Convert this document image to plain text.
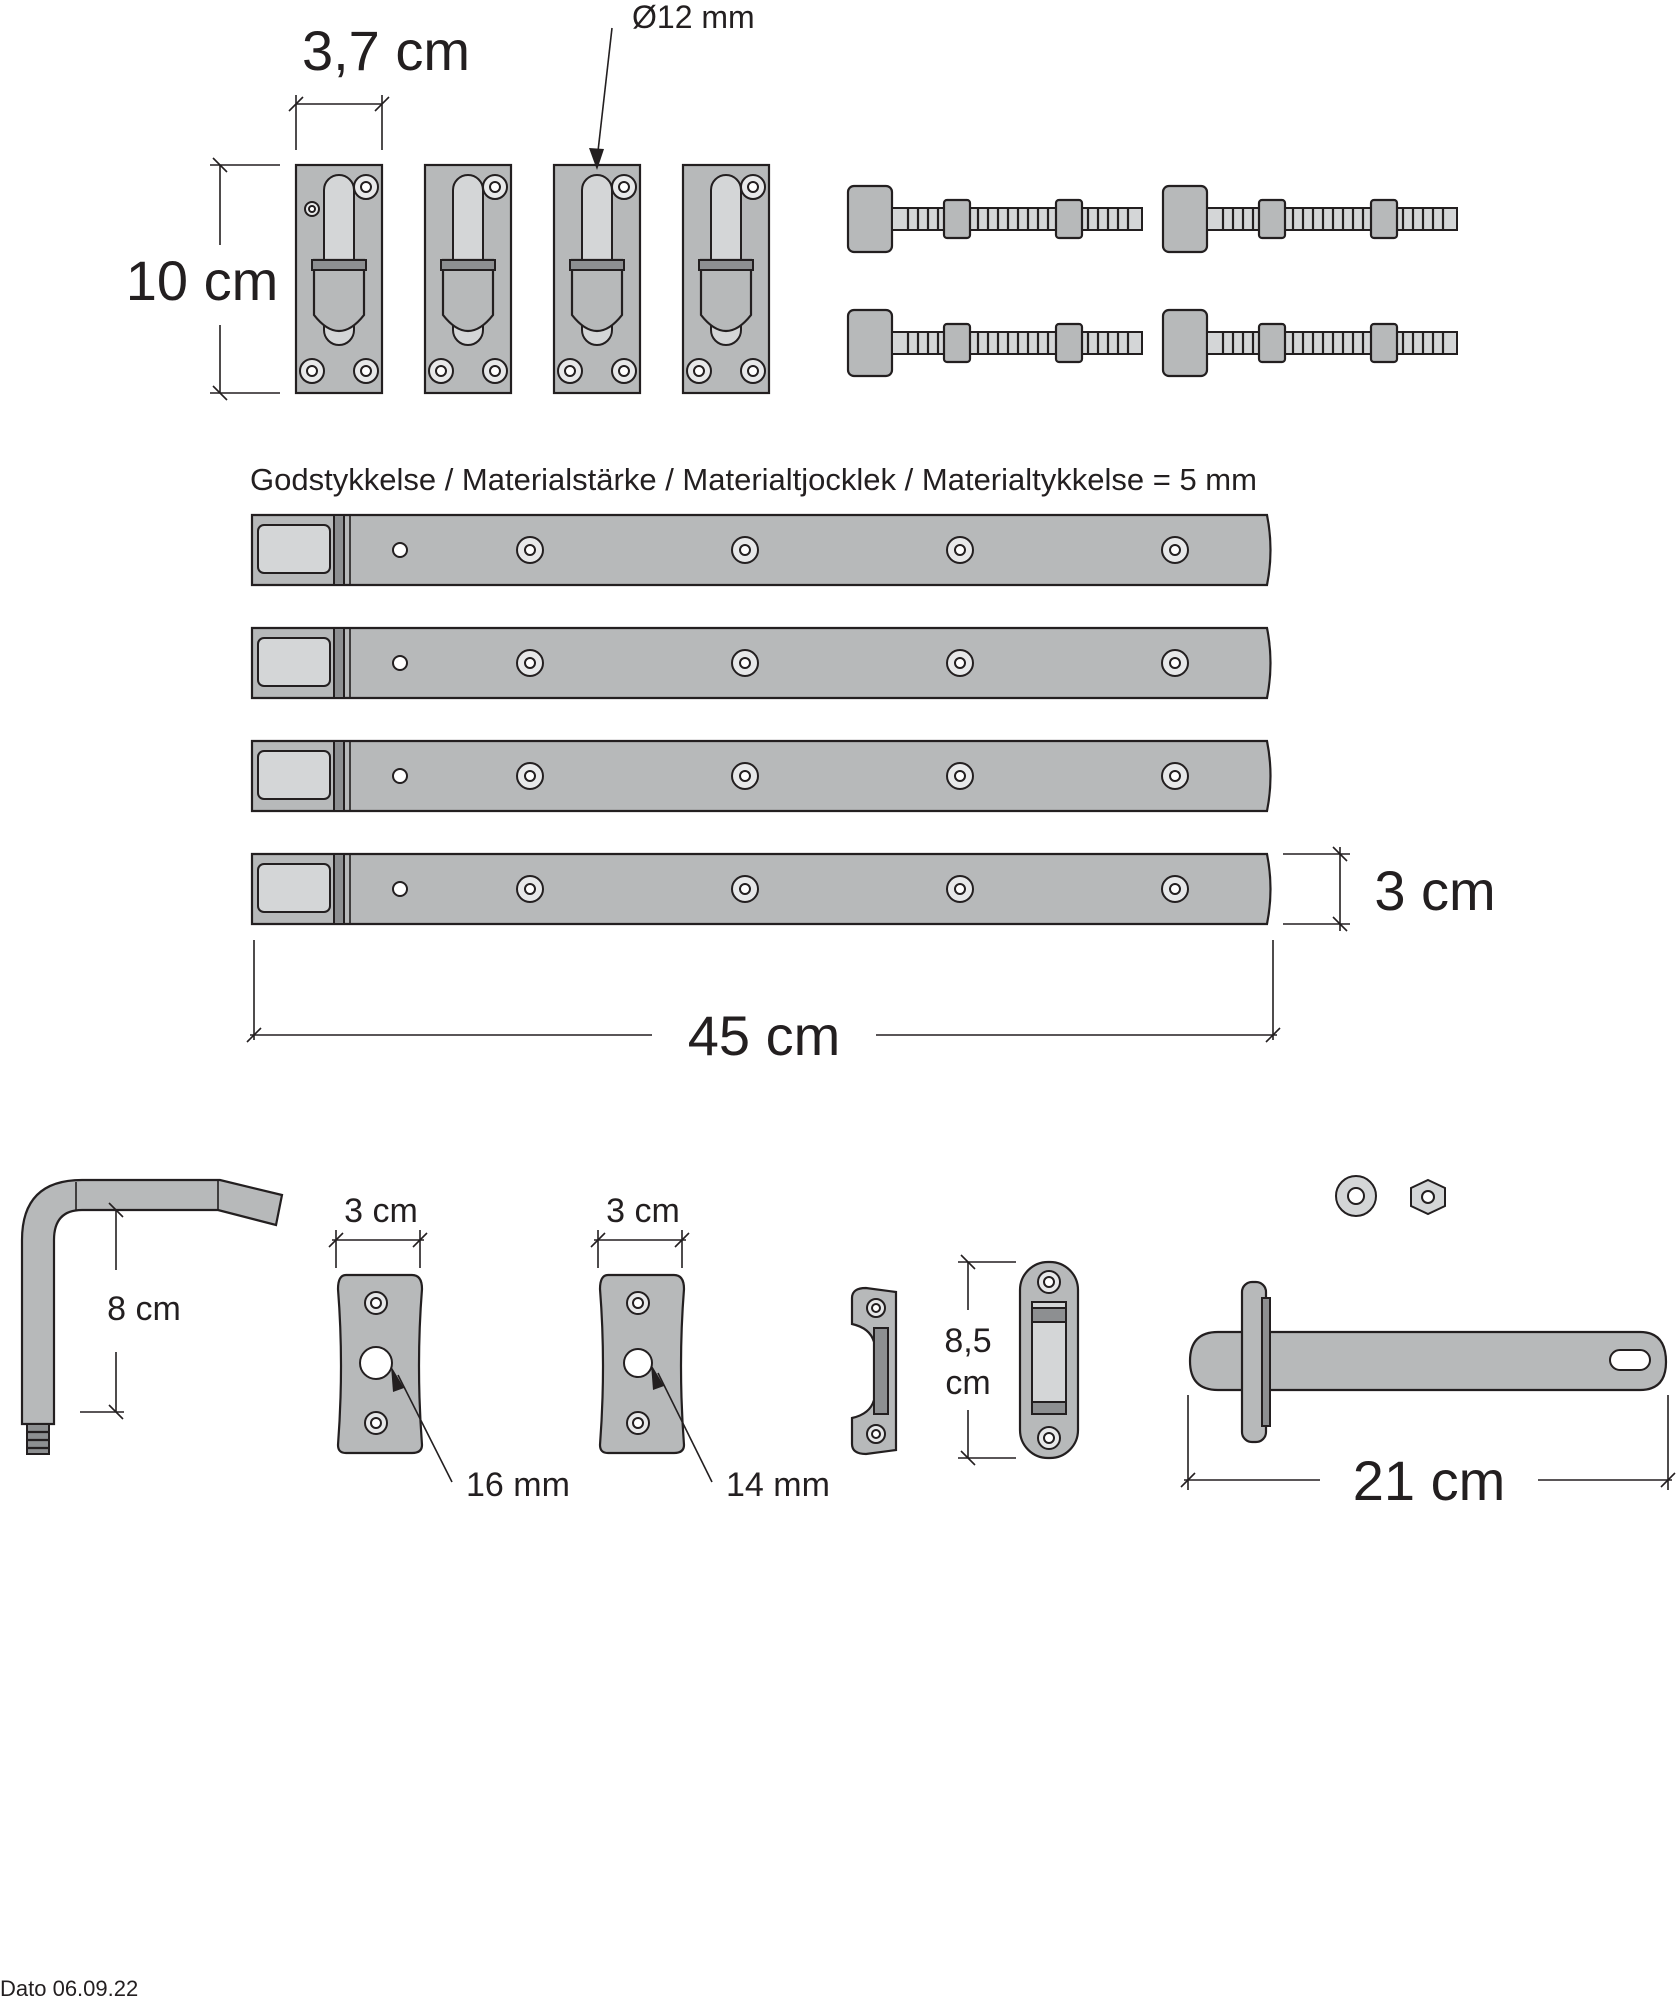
3,7 cm
10 cm
Ø12 mm
Godstykkelse / Materialstärke / Materialtjocklek / Materialtykkelse = 5 mm
3 cm
45 cm
8 cm
3 cm
16 mm
3 cm
14 mm
8,5
cm
21 cm
Dato 06.09.22
